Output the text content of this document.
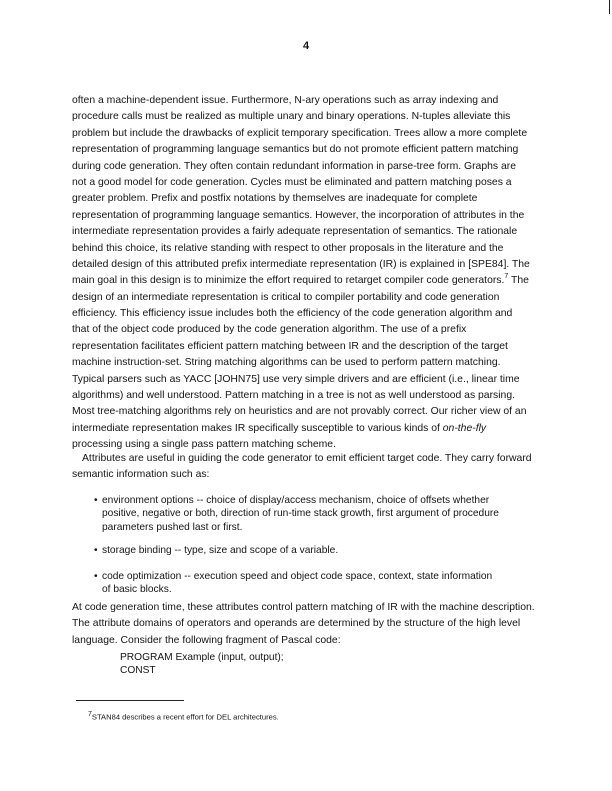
4
often a machine-dependent issue. Furthermore, N-ary operations such as array indexing and
procedure calls must be realized as multiple unary and binary operations. N-tuples alleviate this
problem but include the drawbacks of explicit temporary specification. Trees allow a more complete
representation of programming language semantics but do not promote efficient pattern matching
during code generation. They often contain redundant information in parse-tree form. Graphs are
not a good model for code generation. Cycles must be eliminated and pattern matching poses a
greater problem. Prefix and postfix notations by themselves are inadequate for complete
representation of programming language semantics. However, the incorporation of attributes in the
intermediate representation provides a fairly adequate representation of semantics. The rationale
behind this choice, its relative standing with respect to other proposals in the literature and the
detailed design of this attributed prefix intermediate representation (IR) is explained in [SPE84]. The
main goal in this design is to minimize the effort required to retarget compiler code generators.$^7$ The
design of an intermediate representation is critical to compiler portability and code generation
efficiency. This efficiency issue includes both the efficiency of the code generation algorithm and
that of the object code produced by the code generation algorithm. The use of a prefix
representation facilitates efficient pattern matching between IR and the description of the target
machine instruction-set. String matching algorithms can be used to perform pattern matching.
Typical parsers such as YACC [JOHN75] use very simple drivers and are efficient (i.e., linear time
algorithms) and well understood. Pattern matching in a tree is not as well understood as parsing.
Most tree-matching algorithms rely on heuristics and are not provably correct. Our richer view of an
intermediate representation makes IR specifically susceptible to various kinds of on-the-fly
processing using a single pass pattern matching scheme.
Attributes are useful in guiding the code generator to emit efficient target code. They carry forward
semantic information such as:
• environment options -- choice of display/access mechanism, choice of offsets whether
positive, negative or both, direction of run-time stack growth, first argument of procedure
parameters pushed last or first.
• storage binding -- type, size and scope of a variable.
• code optimization -- execution speed and object code space, context, state information
of basic blocks.
At code generation time, these attributes control pattern matching of IR with the machine description.
The attribute domains of operators and operands are determined by the structure of the high level
language. Consider the following fragment of Pascal code:
PROGRAM Example (input, output);
CONST
$^7$STAN84 describes a recent effort for DEL architectures.
